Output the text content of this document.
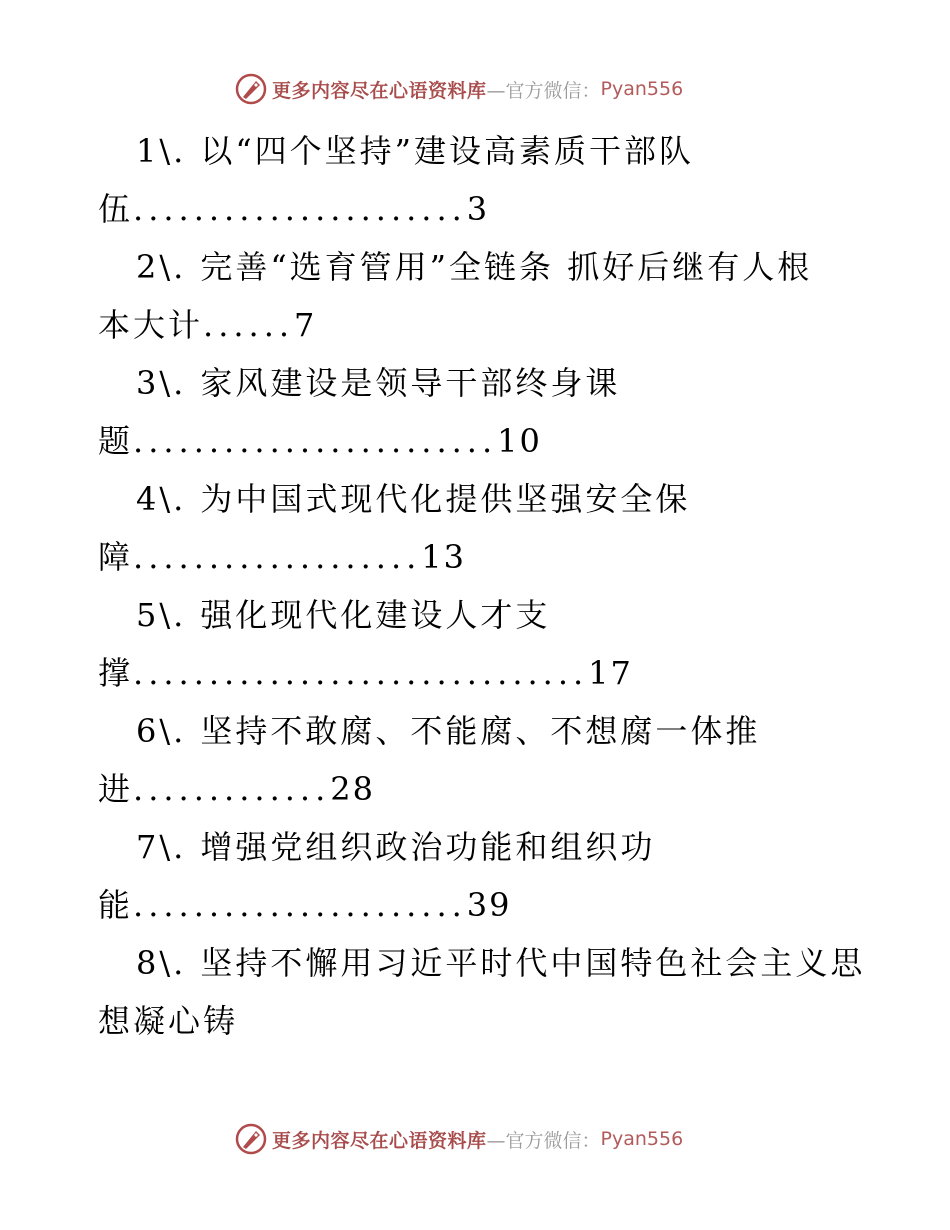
更多内容尽在心语资料库 —官方微信： Pyan556
1\. 以“四个坚持”建设高素质干部队
伍......................3
2\. 完善“选育管用”全链条 抓好后继有人根
本大计......7
3\. 家风建设是领导干部终身课
题........................10
4\. 为中国式现代化提供坚强安全保
障...................13
5\. 强化现代化建设人才支
撑..............................17
6\. 坚持不敢腐、不能腐、不想腐一体推
进.............28
7\. 增强党组织政治功能和组织功
能......................39
8\. 坚持不懈用习近平时代中国特色社会主义思
想凝心铸
更多内容尽在心语资料库 —官方微信： Pyan556
